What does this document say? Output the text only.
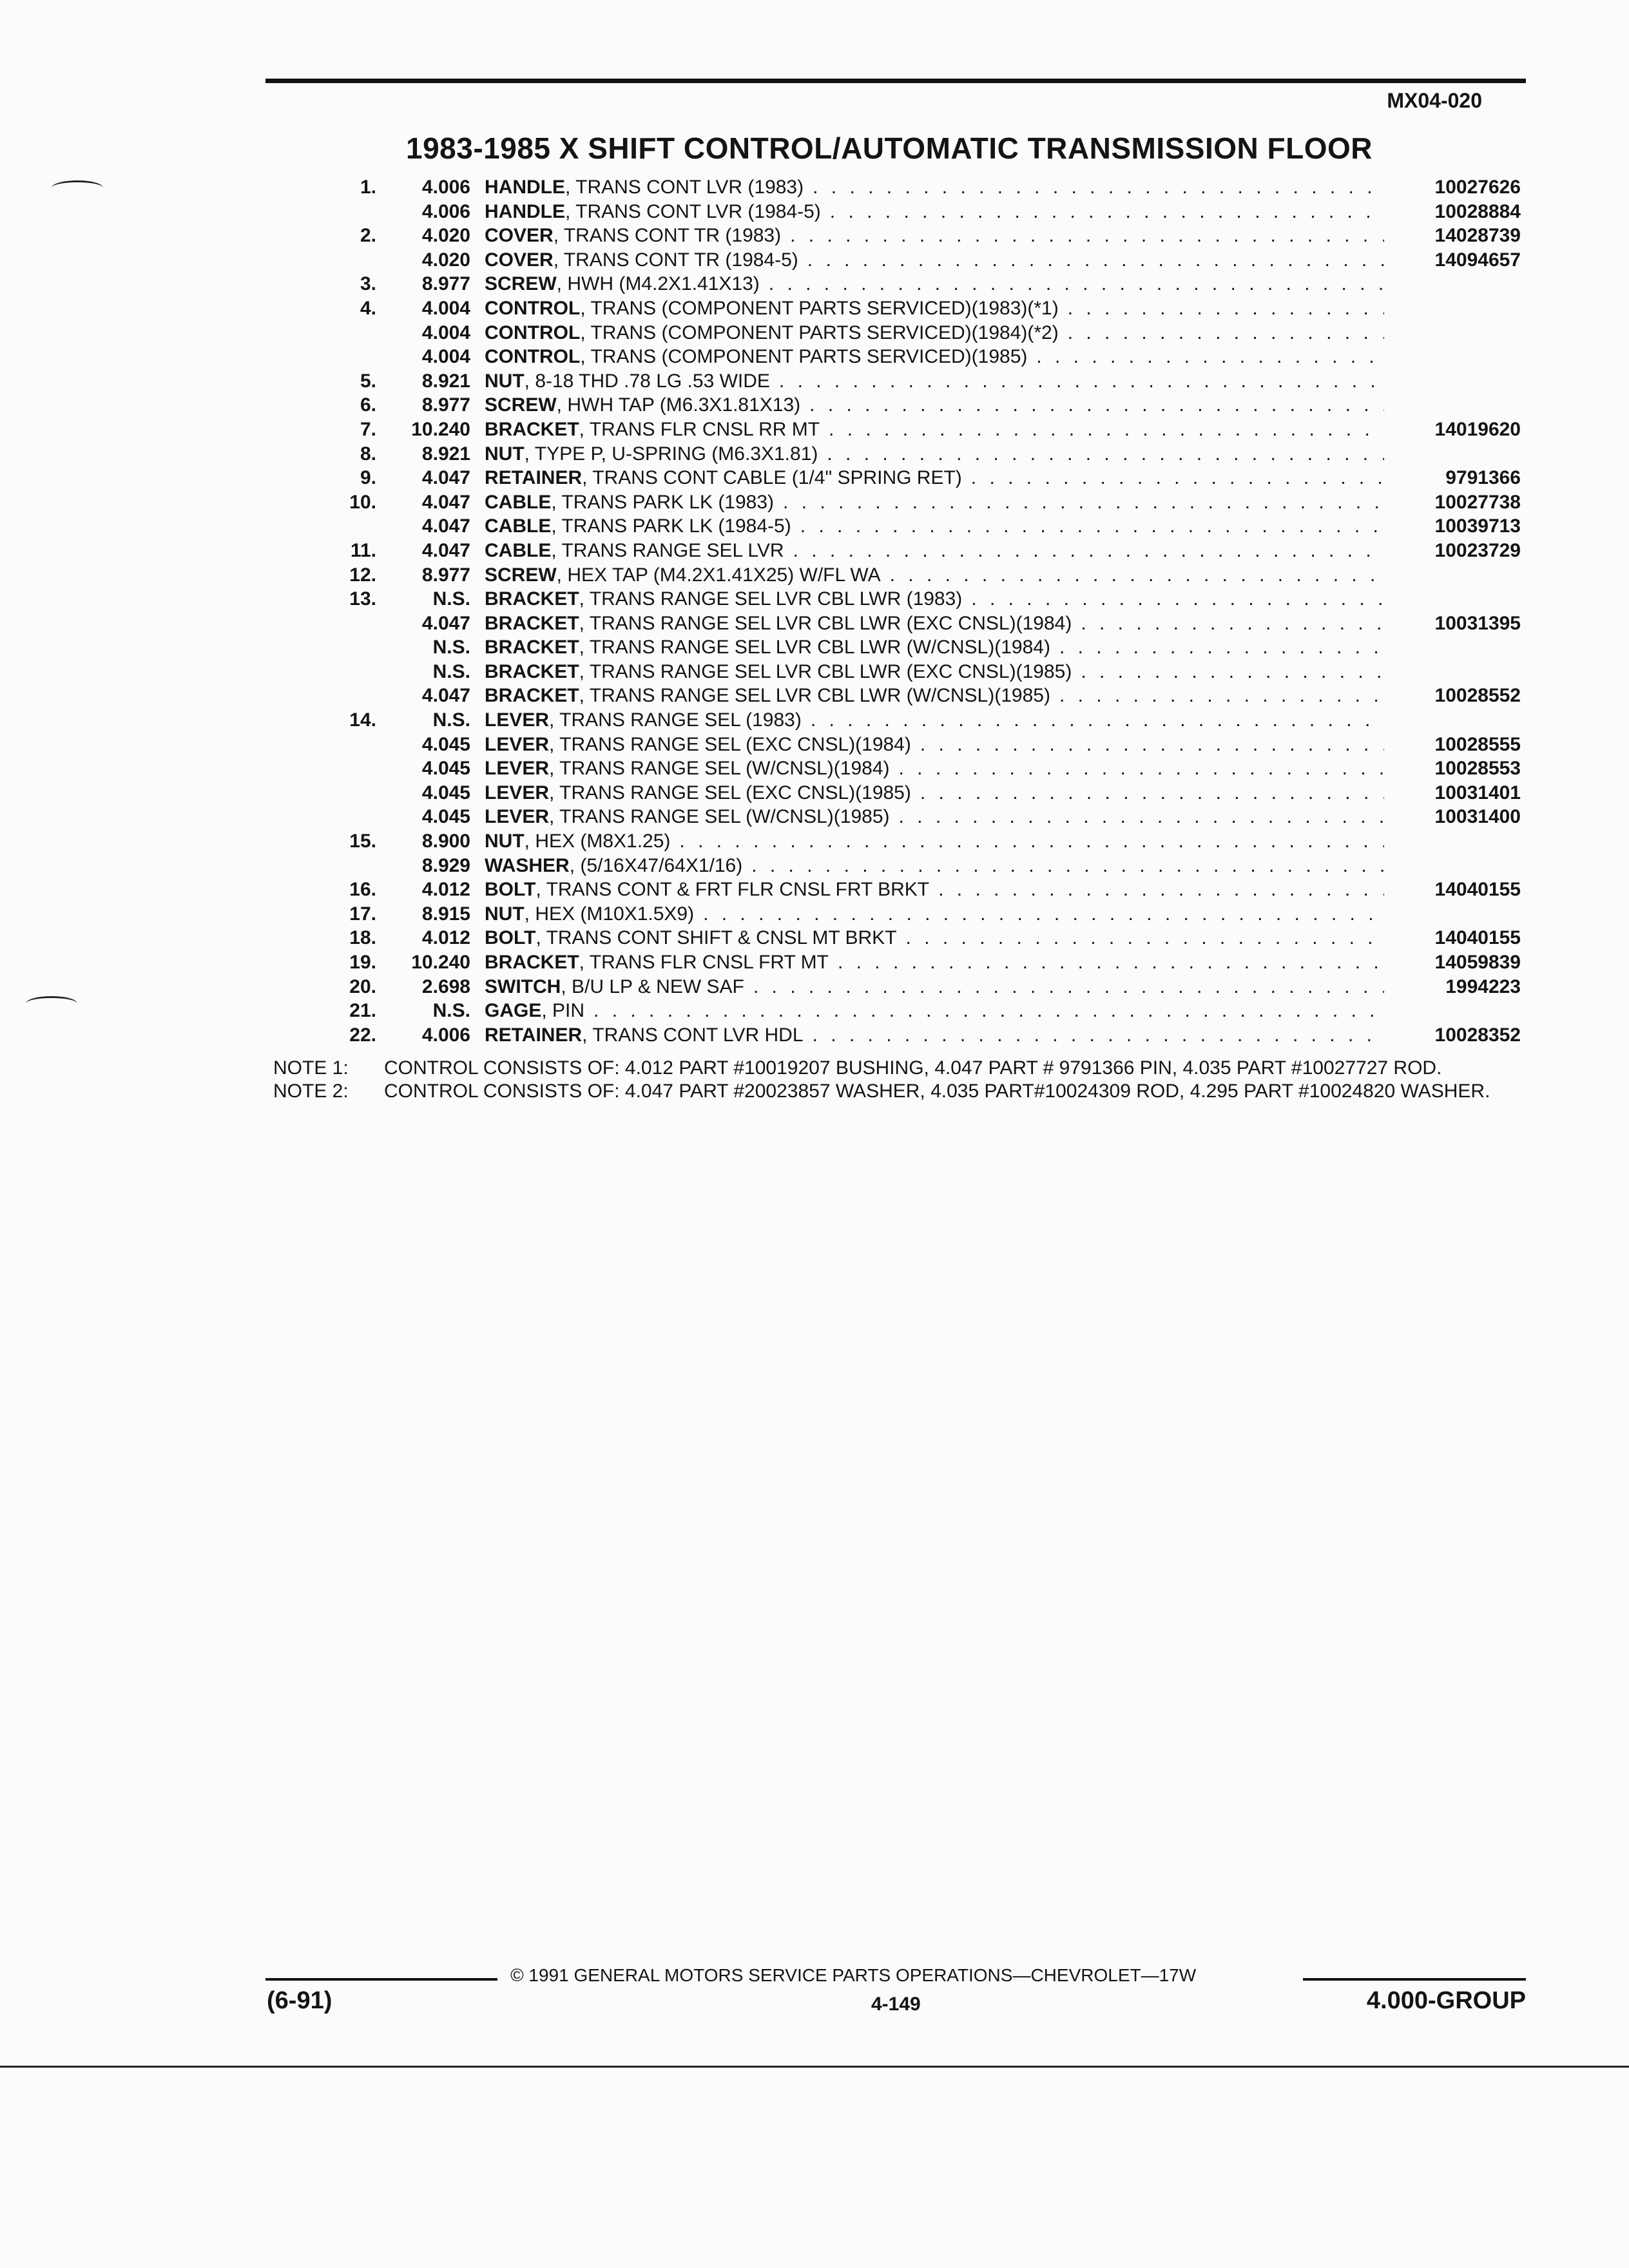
MX04-020
1983-1985 X SHIFT CONTROL/AUTOMATIC TRANSMISSION FLOOR
1.	4.006 HANDLE , TRANS CONT LVR (1983) . . .	10027626
4.006 HANDLE , TRANS CONT LVR (1984-5) . . .	10028884
2.	4.020 COVER , TRANS CONT TR (1983) . . .	14028739
4.020 COVER , TRANS CONT TR (1984-5) . . .	14094657
3.	8.977 SCREW , HWH (M4.2X1.41X13)
. . .
4.	4.004 CONTROL , TRANS (COMPONENT PARTS SERVICED)(1983)(*1)
. . .
4.004 CONTROL , TRANS (COMPONENT PARTS SERVICED)(1984)(*2)
. . .
4.004 CONTROL , TRANS (COMPONENT PARTS SERVICED)(1985)
. . .
5.	8.921 NUT , 8-18 THD .78 LG .53 WIDE
. . .
6.	8.977 SCREW , HWH TAP (M6.3X1.81X13)
. . .
7.	10.240 BRACKET , TRANS FLR CNSL RR MT . . .	14019620
8.	8.921 NUT , TYPE P, U-SPRING (M6.3X1.81)
. . .
9.	4.047 RETAINER , TRANS CONT CABLE (1/4" SPRING RET) . . .	9791366
10.	4.047 CABLE , TRANS PARK LK (1983) . . .	10027738
4.047 CABLE , TRANS PARK LK (1984-5) . . .	10039713
11.	4.047 CABLE , TRANS RANGE SEL LVR . . .	10023729
12.	8.977 SCREW , HEX TAP (M4.2X1.41X25) W/FL WA
. . .
13.	N.S. BRACKET , TRANS RANGE SEL LVR CBL LWR (1983)
. . .
4.047 BRACKET , TRANS RANGE SEL LVR CBL LWR (EXC CNSL)(1984) . . .	10031395
N.S. BRACKET , TRANS RANGE SEL LVR CBL LWR (W/CNSL)(1984)
. . .
N.S. BRACKET , TRANS RANGE SEL LVR CBL LWR (EXC CNSL)(1985)
. . .
4.047 BRACKET , TRANS RANGE SEL LVR CBL LWR (W/CNSL)(1985) . . .	10028552
14.	N.S. LEVER , TRANS RANGE SEL (1983)
. . .
4.045 LEVER , TRANS RANGE SEL (EXC CNSL)(1984) . . .	10028555
4.045 LEVER , TRANS RANGE SEL (W/CNSL)(1984) . . .	10028553
4.045 LEVER , TRANS RANGE SEL (EXC CNSL)(1985) . . .	10031401
4.045 LEVER , TRANS RANGE SEL (W/CNSL)(1985) . . .	10031400
15.	8.900 NUT , HEX (M8X1.25)
. . .
8.929 WASHER , (5/16X47/64X1/16)
. . .
16.	4.012 BOLT , TRANS CONT & FRT FLR CNSL FRT BRKT . . .	14040155
17.	8.915 NUT , HEX (M10X1.5X9)
. . .
18.	4.012 BOLT , TRANS CONT SHIFT & CNSL MT BRKT . . .	14040155
19.	10.240 BRACKET , TRANS FLR CNSL FRT MT . . .	14059839
20.	2.698 SWITCH , B/U LP & NEW SAF . . .	1994223
21.	N.S. GAGE , PIN
. . .
22.	4.006 RETAINER , TRANS CONT LVR HDL . . .	10028352
NOTE 1:	CONTROL CONSISTS OF: 4.012 PART #10019207 BUSHING, 4.047 PART # 9791366 PIN, 4.035 PART #10027727 ROD.
NOTE 2:	CONTROL CONSISTS OF: 4.047 PART #20023857 WASHER, 4.035 PART#10024309 ROD, 4.295 PART #10024820 WASHER.
© 1991 GENERAL MOTORS SERVICE PARTS OPERATIONS—CHEVROLET—17W
(6-91)	4-149	4.000-GROUP
